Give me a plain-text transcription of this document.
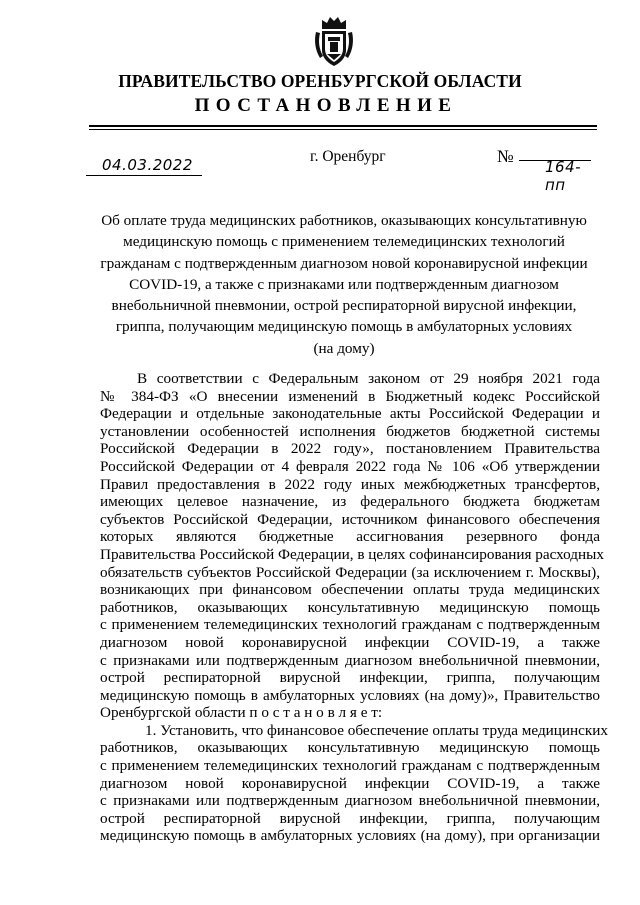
ПРАВИТЕЛЬСТВО ОРЕНБУРГСКОЙ ОБЛАСТИ
ПОСТАНОВЛЕНИЕ
04.03.2022	г. Оренбург	№
164-пп
Об оплате труда медицинских работников, оказывающих консультативную
медицинскую помощь с применением телемедицинских технологий
гражданам с подтвержденным диагнозом новой коронавирусной инфекции
COVID-19, а также с признаками или подтвержденным диагнозом
внебольничной пневмонии, острой респираторной вирусной инфекции,
гриппа, получающим медицинскую помощь в амбулаторных условиях
(на дому)
В соответствии с Федеральным законом от 29 ноября 2021 года
№ 384-ФЗ «О внесении изменений в Бюджетный кодекс Российской
Федерации и отдельные законодательные акты Российской Федерации и
установлении особенностей исполнения бюджетов бюджетной системы
Российской Федерации в 2022 году», постановлением Правительства
Российской Федерации от 4 февраля 2022 года № 106 «Об утверждении
Правил предоставления в 2022 году иных межбюджетных трансфертов,
имеющих целевое назначение, из федерального бюджета бюджетам
субъектов Российской Федерации, источником финансового обеспечения
которых являются бюджетные ассигнования резервного фонда
Правительства Российской Федерации, в целях софинансирования расходных
обязательств субъектов Российской Федерации (за исключением г. Москвы),
возникающих при финансовом обеспечении оплаты труда медицинских
работников, оказывающих консультативную медицинскую помощь
с применением телемедицинских технологий гражданам с подтвержденным
диагнозом новой коронавирусной инфекции COVID-19, а также
с признаками или подтвержденным диагнозом внебольничной пневмонии,
острой респираторной вирусной инфекции, гриппа, получающим
медицинскую помощь в амбулаторных условиях (на дому)», Правительство
Оренбургской области п о с т а н о в л я е т:
1. Установить, что финансовое обеспечение оплаты труда медицинских
работников, оказывающих консультативную медицинскую помощь
с применением телемедицинских технологий гражданам с подтвержденным
диагнозом новой коронавирусной инфекции COVID-19, а также
с признаками или подтвержденным диагнозом внебольничной пневмонии,
острой респираторной вирусной инфекции, гриппа, получающим
медицинскую помощь в амбулаторных условиях (на дому), при организации
